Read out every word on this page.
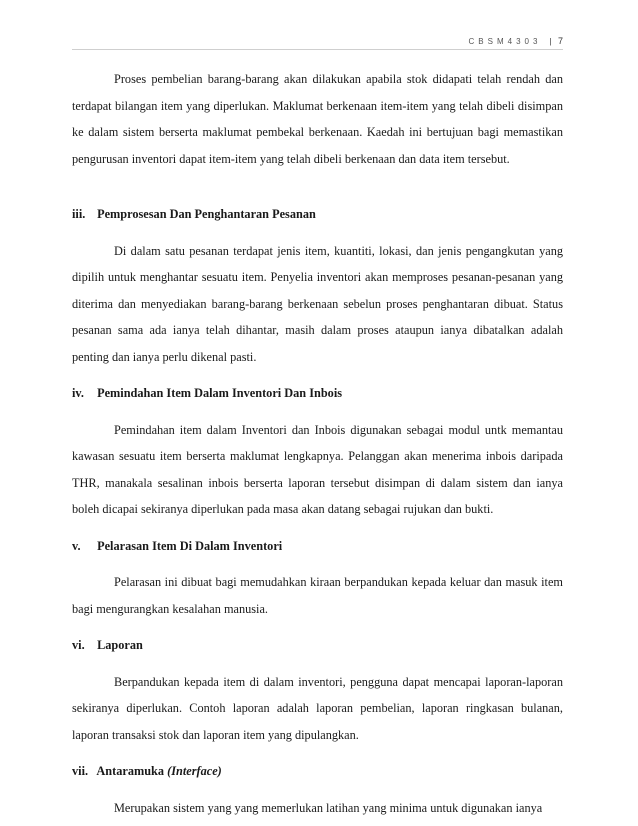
CBSM4303 | 7

Proses pembelian barang-barang akan dilakukan apabila stok didapati telah rendah dan terdapat bilangan item yang diperlukan. Maklumat berkenaan item-item yang telah dibeli disimpan ke dalam sistem berserta maklumat pembekal berkenaan. Kaedah ini bertujuan bagi memastikan pengurusan inventori dapat item-item yang telah dibeli berkenaan dan data item tersebut.

iii. Pemprosesan Dan Penghantaran Pesanan

Di dalam satu pesanan terdapat jenis item, kuantiti, lokasi, dan jenis pengangkutan yang dipilih untuk menghantar sesuatu item. Penyelia inventori akan memproses pesanan-pesanan yang diterima dan menyediakan barang-barang berkenaan sebelun proses penghantaran dibuat. Status pesanan sama ada ianya telah dihantar, masih dalam proses ataupun ianya dibatalkan adalah penting dan ianya perlu dikenal pasti.

iv. Pemindahan Item Dalam Inventori Dan Inbois

Pemindahan item dalam Inventori dan Inbois digunakan sebagai modul untk memantau kawasan sesuatu item berserta maklumat lengkapnya. Pelanggan akan menerima inbois daripada THR, manakala sesalinan inbois berserta laporan tersebut disimpan di dalam sistem dan ianya boleh dicapai sekiranya diperlukan pada masa akan datang sebagai rujukan dan bukti.

v. Pelarasan Item Di Dalam Inventori

Pelarasan ini dibuat bagi memudahkan kiraan berpandukan kepada keluar dan masuk item bagi mengurangkan kesalahan manusia.

vi. Laporan

Berpandukan kepada item di dalam inventori, pengguna dapat mencapai laporan-laporan sekiranya diperlukan. Contoh laporan adalah laporan pembelian, laporan ringkasan bulanan, laporan transaksi stok dan laporan item yang dipulangkan.

vii. Antaramuka (Interface)

Merupakan sistem yang yang memerlukan latihan yang minima untuk digunakan ianya
